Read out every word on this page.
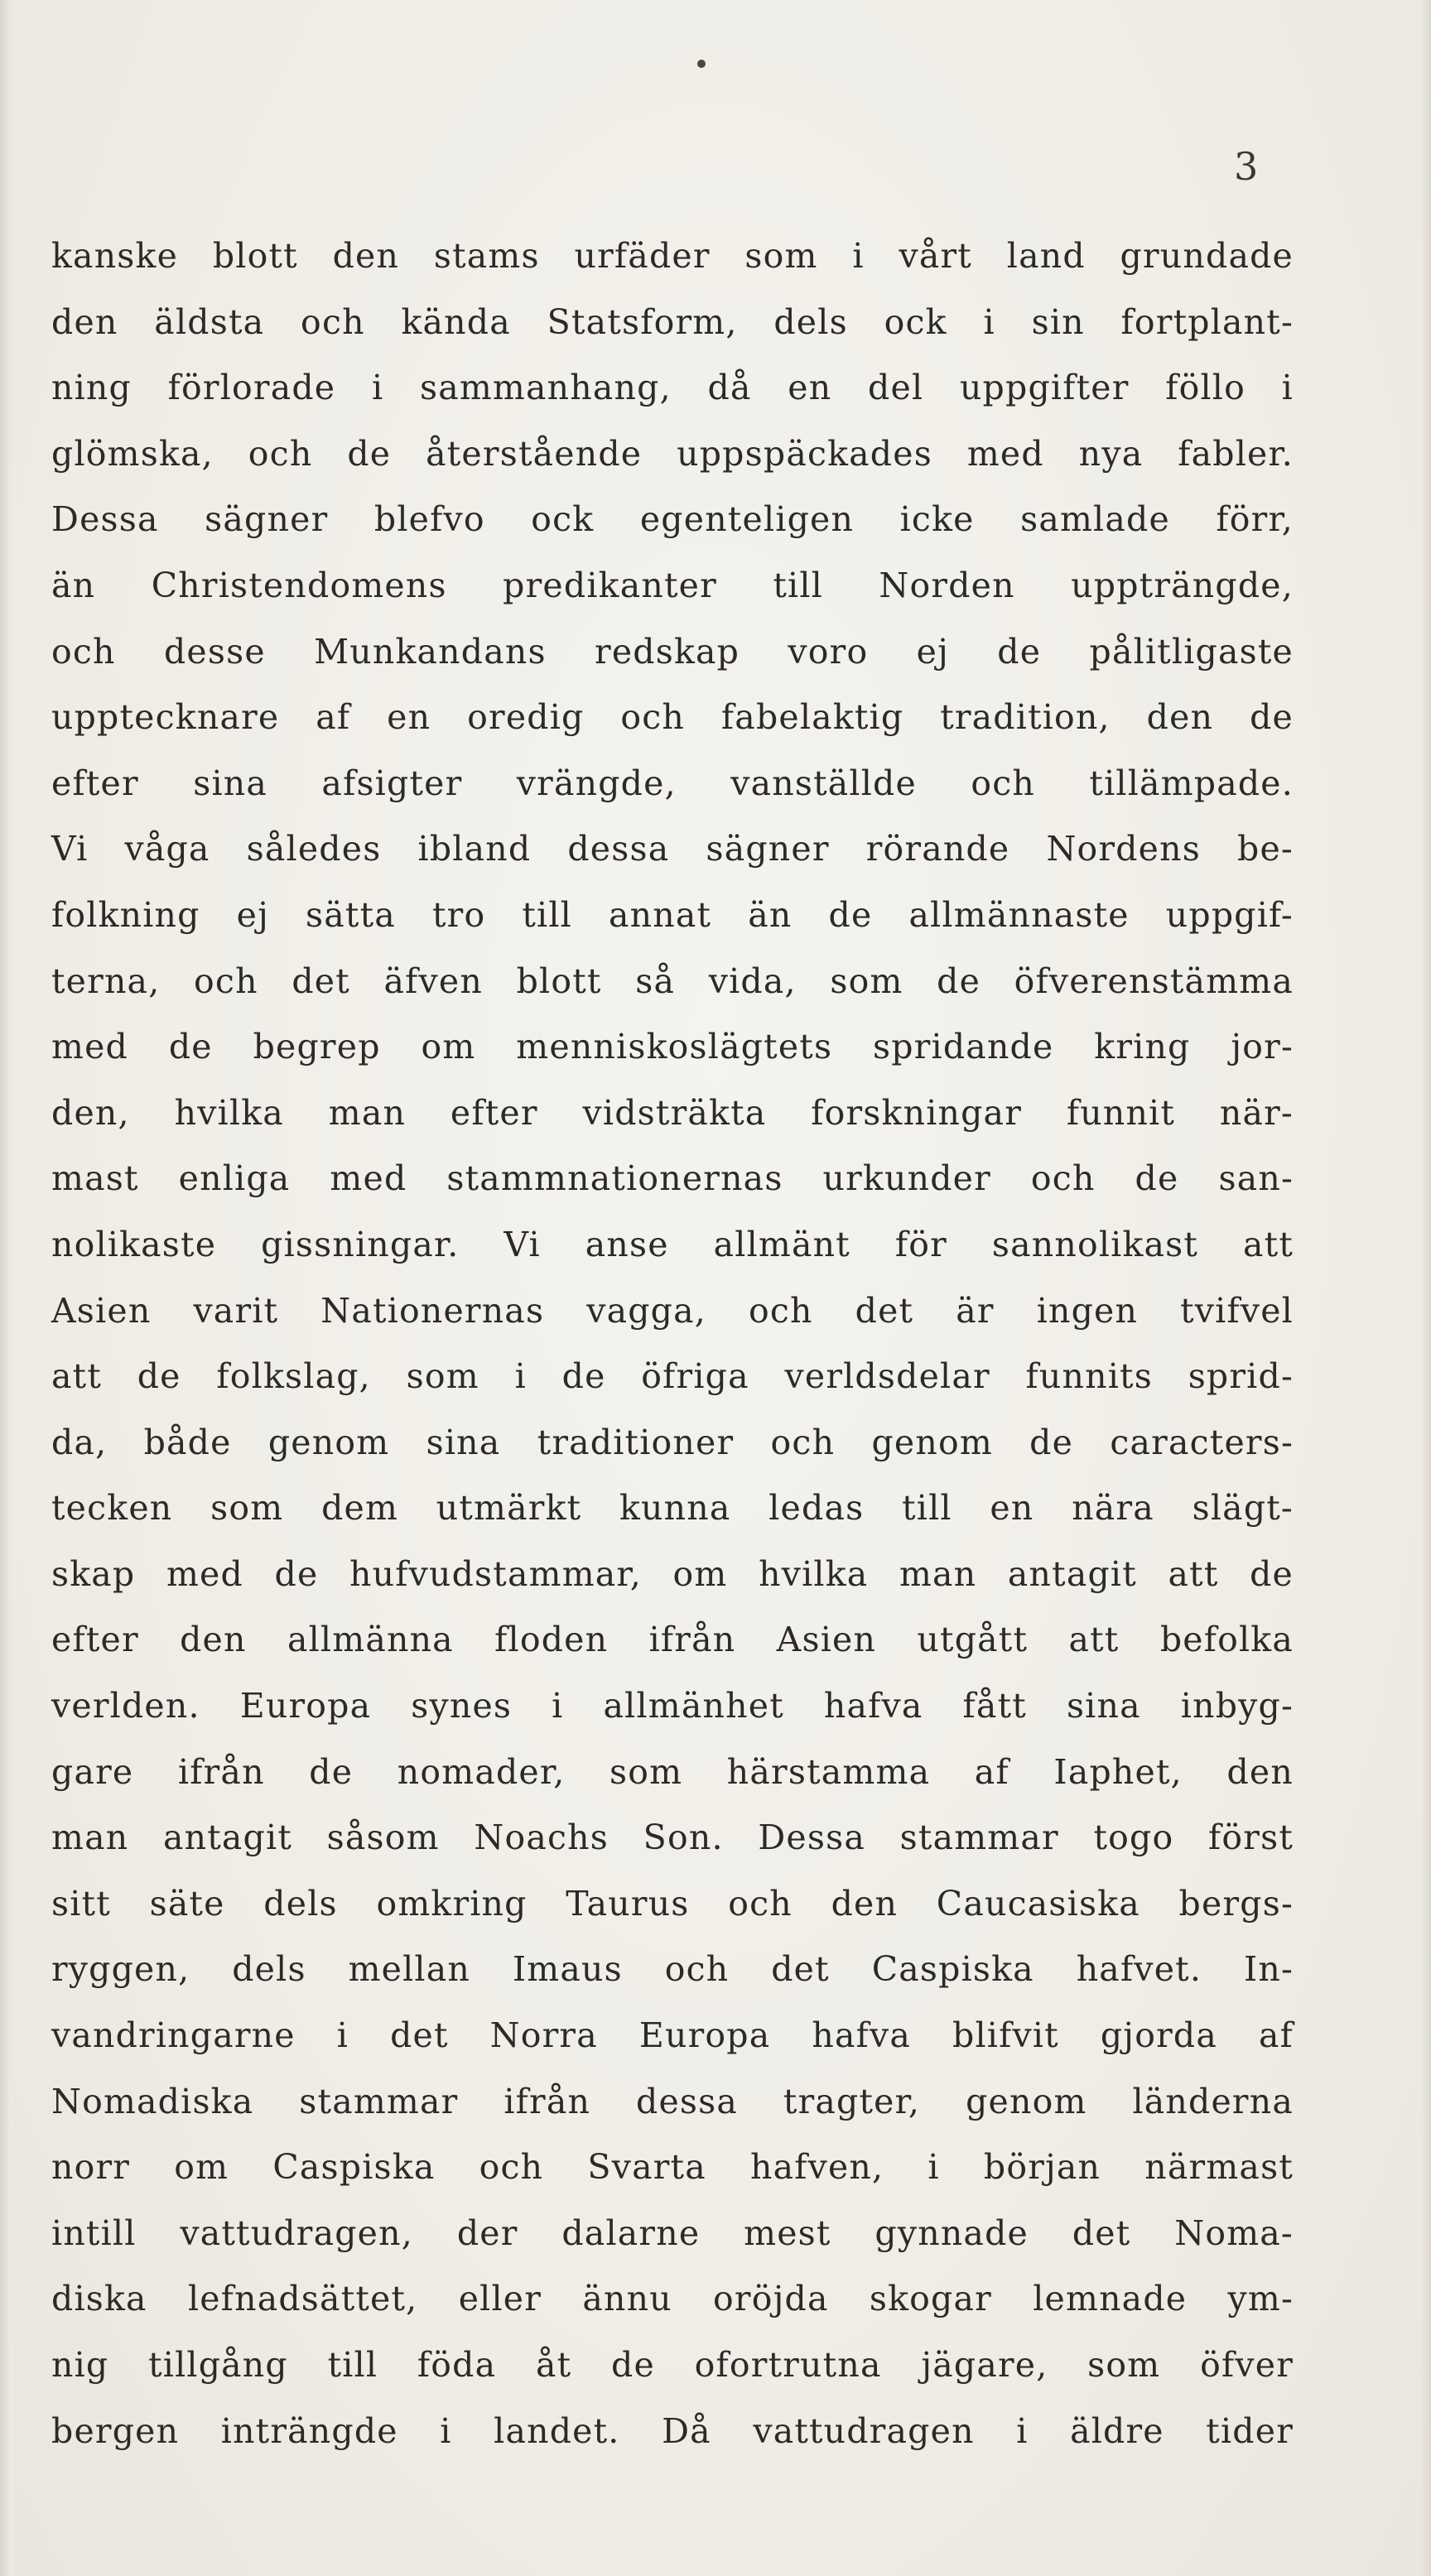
3
kanske blott den stams urfäder som i vårt land grundade
den äldsta och kända Statsform, dels ock i sin fortplant-
ning förlorade i sammanhang, då en del uppgifter föllo i
glömska, och de återstående uppspäckades med nya fabler.
Dessa sägner blefvo ock egenteligen icke samlade förr,
än Christendomens predikanter till Norden uppträngde,
och desse Munkandans redskap voro ej de pålitligaste
uppteckn​are af en oredig och fabelaktig tradition, den de
efter sina afsigter vrängde, vanställde och tillämpade.
Vi våga således ibland dessa sägner rörande Nordens be-
folkning ej sätta tro till annat än de allmännaste uppgif-
terna, och det äfven blott så vida, som de öfverenstämma
med de begrep om menniskoslägtets spridande kring jor-
den, hvilka man efter vidsträkta forskningar funnit när-
mast enliga med stammnationernas urkunder och de san-
nolikaste gissningar. Vi anse allmänt för sannolikast att
Asien varit Nationernas vagga, och det är ingen tvifvel
att de folkslag, som i de öfriga verldsdelar funnits sprid-
da, både genom sina traditioner och genom de caracters-
tecken som dem utmärkt kunna ledas till en nära slägt-
skap med de hufvudstammar, om hvilka man antagit att de
efter den allmänna floden ifrån Asien utgått att befolka
verlden. Europa synes i allmänhet hafva fått sina inbyg-
gare ifrån de nomader, som härstamma af Iaphet, den
man antagit såsom Noachs Son. Dessa stammar togo först
sitt säte dels omkring Taurus och den Caucasiska bergs-
ryggen, dels mellan Imaus och det Caspiska hafvet. In-
vandringarne i det Norra Europa hafva blifvit gjorda af
Nomadiska stammar ifrån dessa tragter, genom länderna
norr om Caspiska och Svarta hafven, i början närmast
intill vattudragen, der dalarne mest gynnade det Noma-
diska lefnadsättet, eller ännu oröjda skogar lemnade ym-
nig tillgång till föda åt de ofortrutna jägare, som öfver
bergen inträngde i landet. Då vattudragen i äldre tider
